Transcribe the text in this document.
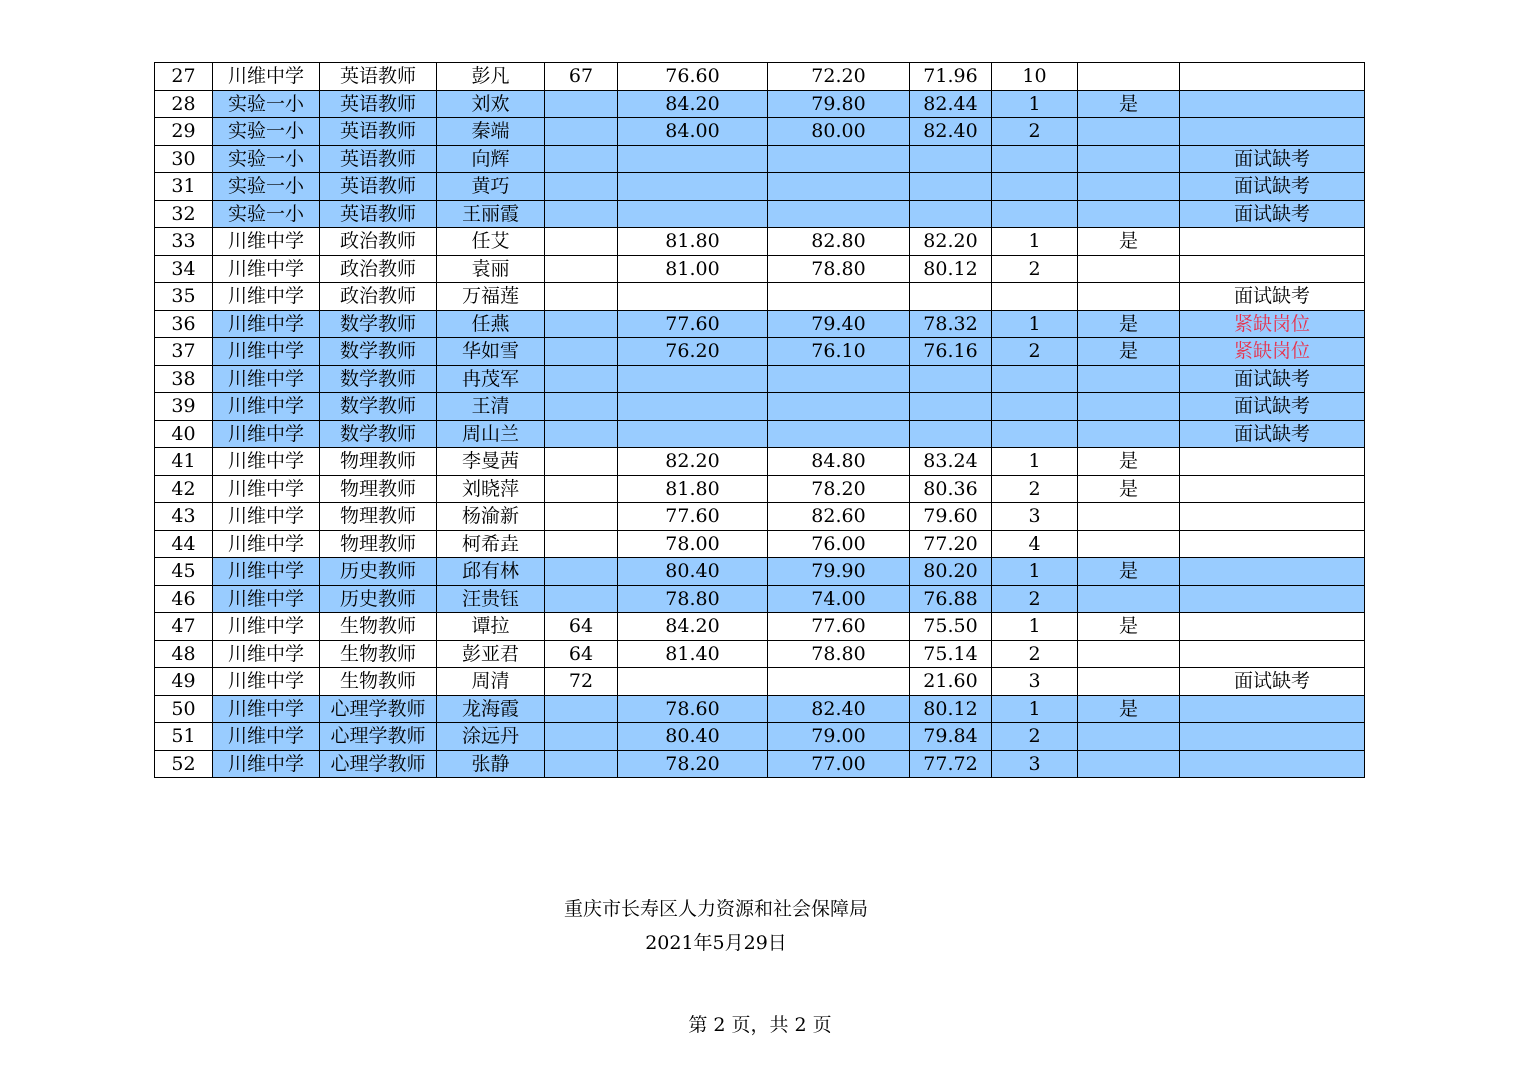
27	川维中学	英语教师	彭凡	67	76.60	72.20	71.96	10		
28	实验一小	英语教师	刘欢		84.20	79.80	82.44	1	是	
29	实验一小	英语教师	秦端		84.00	80.00	82.40	2		
30	实验一小	英语教师	向辉							面试缺考
31	实验一小	英语教师	黄巧							面试缺考
32	实验一小	英语教师	王丽霞							面试缺考
33	川维中学	政治教师	任艾		81.80	82.80	82.20	1	是	
34	川维中学	政治教师	袁丽		81.00	78.80	80.12	2		
35	川维中学	政治教师	万福莲							面试缺考
36	川维中学	数学教师	任燕		77.60	79.40	78.32	1	是	紧缺岗位
37	川维中学	数学教师	华如雪		76.20	76.10	76.16	2	是	紧缺岗位
38	川维中学	数学教师	冉茂军							面试缺考
39	川维中学	数学教师	王清							面试缺考
40	川维中学	数学教师	周山兰							面试缺考
41	川维中学	物理教师	李曼茜		82.20	84.80	83.24	1	是	
42	川维中学	物理教师	刘晓萍		81.80	78.20	80.36	2	是	
43	川维中学	物理教师	杨渝新		77.60	82.60	79.60	3		
44	川维中学	物理教师	柯希垚		78.00	76.00	77.20	4		
45	川维中学	历史教师	邱有林		80.40	79.90	80.20	1	是	
46	川维中学	历史教师	汪贵钰		78.80	74.00	76.88	2		
47	川维中学	生物教师	谭拉	64	84.20	77.60	75.50	1	是	
48	川维中学	生物教师	彭亚君	64	81.40	78.80	75.14	2		
49	川维中学	生物教师	周清	72			21.60	3		面试缺考
50	川维中学	心理学教师	龙海霞		78.60	82.40	80.12	1	是	
51	川维中学	心理学教师	涂远丹		80.40	79.00	79.84	2		
52	川维中学	心理学教师	张静		78.20	77.00	77.72	3		
重庆市长寿区人力资源和社会保障局
2021年5月29日
第 2 页，共 2 页
